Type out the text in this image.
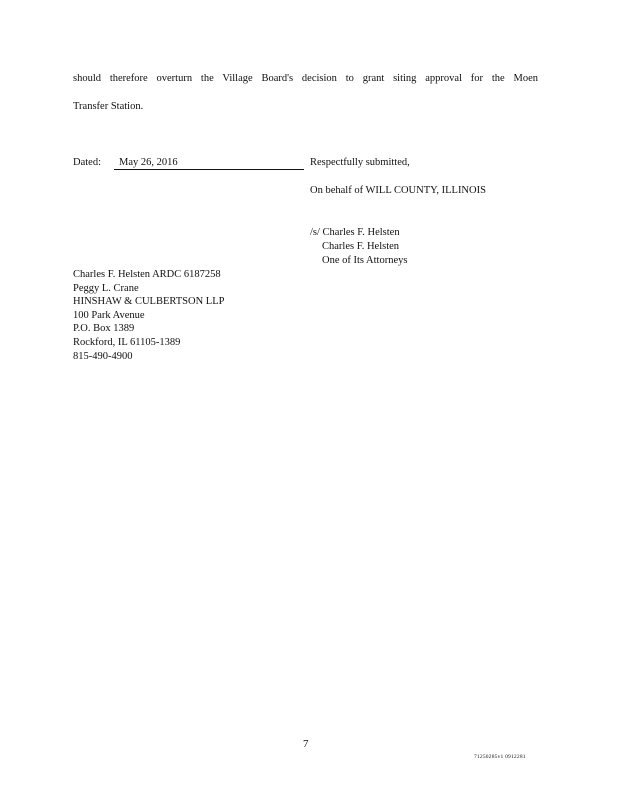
should therefore overturn the Village Board's decision to grant siting approval for the Moen
Transfer Station.
Dated:	May 26, 2016	Respectfully submitted,
On behalf of WILL COUNTY, ILLINOIS
/s/ Charles F. Helsten
Charles F. Helsten
One of Its Attorneys
Charles F. Helsten ARDC 6187258
Peggy L. Crane
HINSHAW & CULBERTSON LLP
100 Park Avenue
P.O. Box 1389
Rockford, IL 61105-1389
815-490-4900
7
71250285v1 0912281
